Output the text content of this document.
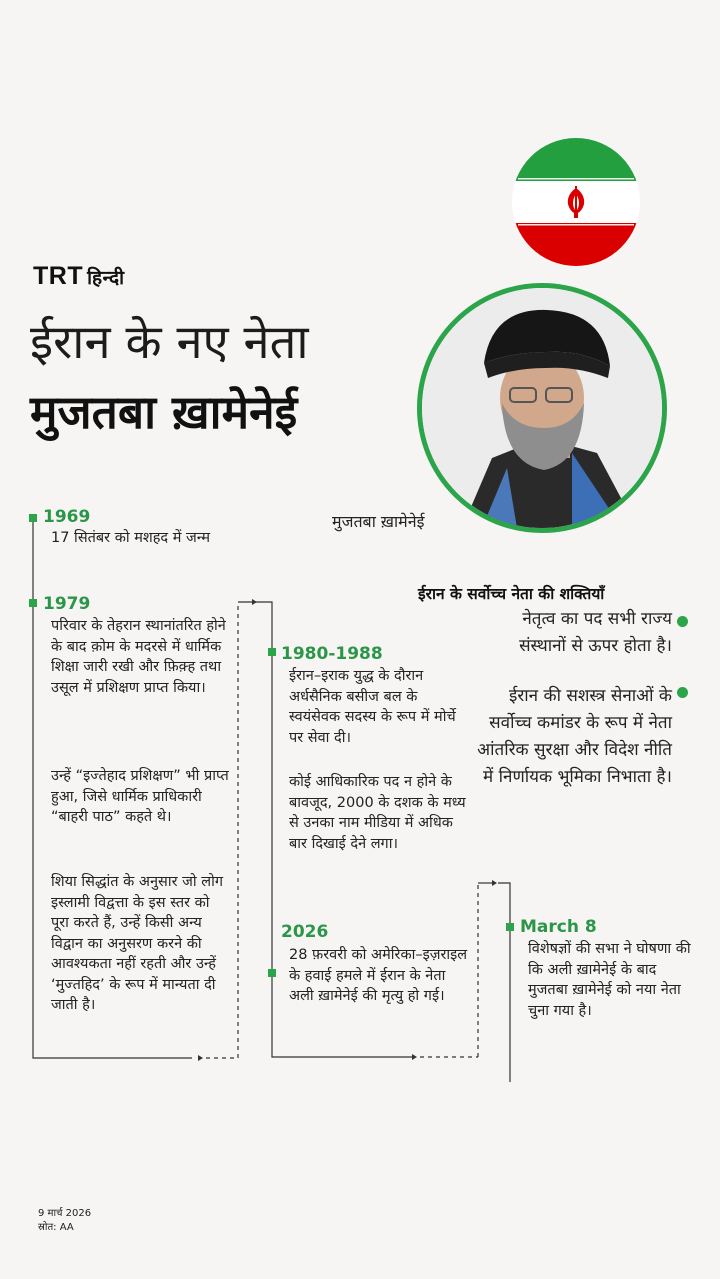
TRT हिन्दी
ईरान के नए नेता
मुजतबा ख़ामेनेई
मुजतबा ख़ामेनेई
1969
17 सितंबर को मशहद में जन्म
1979
परिवार के तेहरान स्थानांतरित होने के बाद क़ोम के मदरसे में धार्मिक शिक्षा जारी रखी और फ़िक़्ह तथा उसूल में प्रशिक्षण प्राप्त किया।
उन्हें “इज्तेहाद प्रशिक्षण” भी प्राप्त हुआ, जिसे धार्मिक प्राधिकारी “बाहरी पाठ” कहते थे।
शिया सिद्धांत के अनुसार जो लोग इस्लामी विद्वत्ता के इस स्तर को पूरा करते हैं, उन्हें किसी अन्य विद्वान का अनुसरण करने की आवश्यकता नहीं रहती और उन्हें ‘मुज्तहिद’ के रूप में मान्यता दी जाती है।
1980-1988
ईरान–इराक युद्ध के दौरान अर्धसैनिक बसीज बल के स्वयंसेवक सदस्य के रूप में मोर्चे पर सेवा दी।
कोई आधिकारिक पद न होने के बावजूद, 2000 के दशक के मध्य से उनका नाम मीडिया में अधिक बार दिखाई देने लगा।
2026
28 फ़रवरी को अमेरिका–इज़राइल के हवाई हमले में ईरान के नेता अली ख़ामेनेई की मृत्यु हो गई।
March 8
विशेषज्ञों की सभा ने घोषणा की कि अली ख़ामेनेई के बाद मुजतबा ख़ामेनेई को नया नेता चुना गया है।
ईरान के सर्वोच्च नेता की शक्तियाँ
नेतृत्व का पद सभी राज्य संस्थानों से ऊपर होता है।
ईरान की सशस्त्र सेनाओं के सर्वोच्च कमांडर के रूप में नेता आंतरिक सुरक्षा और विदेश नीति में निर्णायक भूमिका निभाता है।
9 मार्च 2026
स्रोत: AA
